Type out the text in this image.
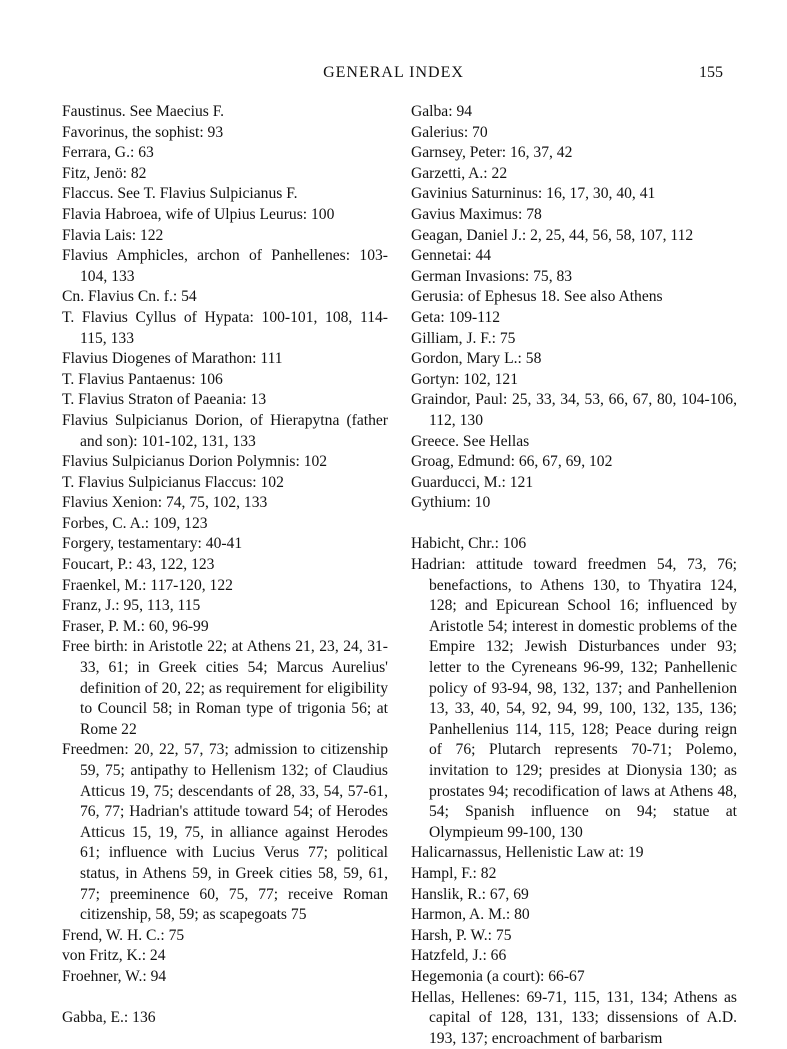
GENERAL INDEX	155
Faustinus. See Maecius F.
Favorinus, the sophist: 93
Ferrara, G.: 63
Fitz, Jenö: 82
Flaccus. See T. Flavius Sulpicianus F.
Flavia Habroea, wife of Ulpius Leurus: 100
Flavia Lais: 122
Flavius Amphicles, archon of Panhellenes: 103-104, 133
Cn. Flavius Cn. f.: 54
T. Flavius Cyllus of Hypata: 100-101, 108, 114-115, 133
Flavius Diogenes of Marathon: 111
T. Flavius Pantaenus: 106
T. Flavius Straton of Paeania: 13
Flavius Sulpicianus Dorion, of Hierapytna (father and son): 101-102, 131, 133
Flavius Sulpicianus Dorion Polymnis: 102
T. Flavius Sulpicianus Flaccus: 102
Flavius Xenion: 74, 75, 102, 133
Forbes, C. A.: 109, 123
Forgery, testamentary: 40-41
Foucart, P.: 43, 122, 123
Fraenkel, M.: 117-120, 122
Franz, J.: 95, 113, 115
Fraser, P. M.: 60, 96-99
Free birth: in Aristotle 22; at Athens 21, 23, 24, 31-33, 61; in Greek cities 54; Marcus Aurelius' definition of 20, 22; as requirement for eligibility to Council 58; in Roman type of trigonia 56; at Rome 22
Freedmen: 20, 22, 57, 73; admission to citizenship 59, 75; antipathy to Hellenism 132; of Claudius Atticus 19, 75; descendants of 28, 33, 54, 57-61, 76, 77; Hadrian's attitude toward 54; of Herodes Atticus 15, 19, 75, in alliance against Herodes 61; influence with Lucius Verus 77; political status, in Athens 59, in Greek cities 58, 59, 61, 77; preeminence 60, 75, 77; receive Roman citizenship, 58, 59; as scapegoats 75
Frend, W. H. C.: 75
von Fritz, K.: 24
Froehner, W.: 94
Gabba, E.: 136
Galba: 94
Galerius: 70
Garnsey, Peter: 16, 37, 42
Garzetti, A.: 22
Gavinius Saturninus: 16, 17, 30, 40, 41
Gavius Maximus: 78
Geagan, Daniel J.: 2, 25, 44, 56, 58, 107, 112
Gennetai: 44
German Invasions: 75, 83
Gerusia: of Ephesus 18. See also Athens
Geta: 109-112
Gilliam, J. F.: 75
Gordon, Mary L.: 58
Gortyn: 102, 121
Graindor, Paul: 25, 33, 34, 53, 66, 67, 80, 104-106, 112, 130
Greece. See Hellas
Groag, Edmund: 66, 67, 69, 102
Guarducci, M.: 121
Gythium: 10
Habicht, Chr.: 106
Hadrian: attitude toward freedmen 54, 73, 76; benefactions, to Athens 130, to Thyatira 124, 128; and Epicurean School 16; influenced by Aristotle 54; interest in domestic problems of the Empire 132; Jewish Disturbances under 93; letter to the Cyreneans 96-99, 132; Panhellenic policy of 93-94, 98, 132, 137; and Panhellenion 13, 33, 40, 54, 92, 94, 99, 100, 132, 135, 136; Panhellenius 114, 115, 128; Peace during reign of 76; Plutarch represents 70-71; Polemo, invitation to 129; presides at Dionysia 130; as prostates 94; recodification of laws at Athens 48, 54; Spanish influence on 94; statue at Olympieum 99-100, 130
Halicarnassus, Hellenistic Law at: 19
Hampl, F.: 82
Hanslik, R.: 67, 69
Harmon, A. M.: 80
Harsh, P. W.: 75
Hatzfeld, J.: 66
Hegemonia (a court): 66-67
Hellas, Hellenes: 69-71, 115, 131, 134; Athens as capital of 128, 131, 133; dissensions of A.D. 193, 137; encroachment of barbarism
